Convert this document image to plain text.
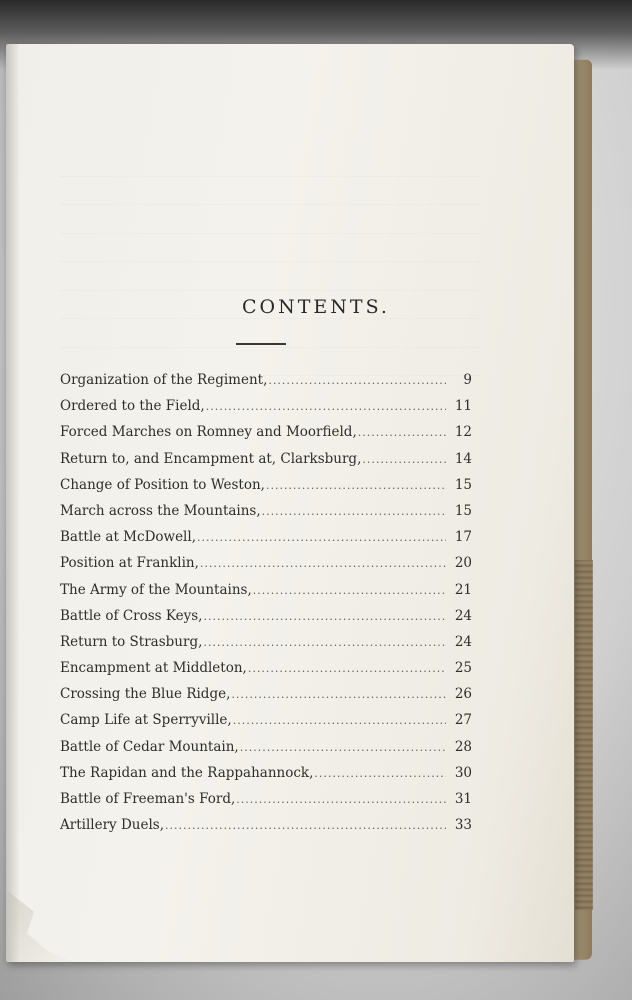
CONTENTS.
Organization of the Regiment, .....	9
Ordered to the Field, .....	11
Forced Marches on Romney and Moorfield, .....	12
Return to, and Encampment at, Clarksburg, .....	14
Change of Position to Weston, .....	15
March across the Mountains, .....	15
Battle at McDowell, .....	17
Position at Franklin, .....	20
The Army of the Mountains, .....	21
Battle of Cross Keys, .....	24
Return to Strasburg, .....	24
Encampment at Middleton, .....	25
Crossing the Blue Ridge, .....	26
Camp Life at Sperryville, .....	27
Battle of Cedar Mountain, .....	28
The Rapidan and the Rappahannock, .....	30
Battle of Freeman's Ford, .....	31
Artillery Duels, .....	33
